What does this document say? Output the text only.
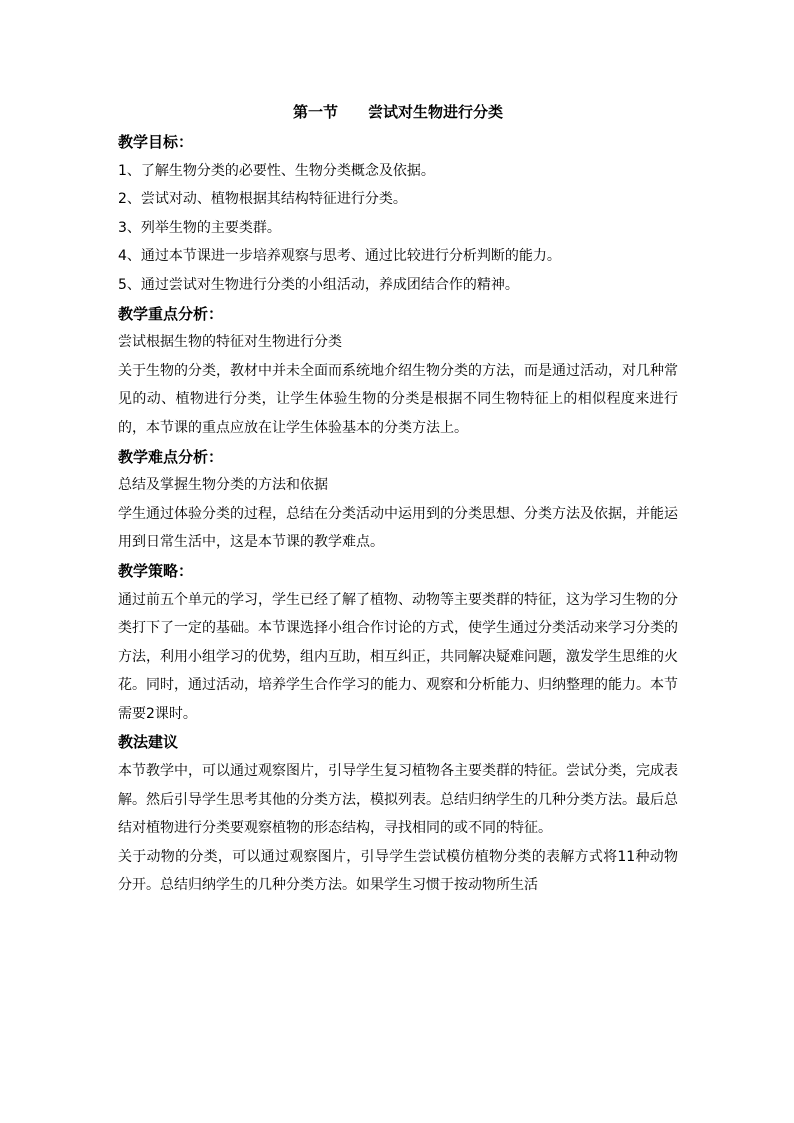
第一节　　尝试对生物进行分类
教学目标：
1、了解生物分类的必要性、生物分类概念及依据。
2、尝试对动、植物根据其结构特征进行分类。
3、列举生物的主要类群。
4、通过本节课进一步培养观察与思考、通过比较进行分析判断的能力。
5、通过尝试对生物进行分类的小组活动，养成团结合作的精神。
教学重点分析：
尝试根据生物的特征对生物进行分类
关于生物的分类，教材中并未全面而系统地介绍生物分类的方法，而是通过活动，对几种常见的动、植物进行分类，让学生体验生物的分类是根据不同生物特征上的相似程度来进行的，本节课的重点应放在让学生体验基本的分类方法上。
教学难点分析：
总结及掌握生物分类的方法和依据
学生通过体验分类的过程，总结在分类活动中运用到的分类思想、分类方法及依据，并能运用到日常生活中，这是本节课的教学难点。
教学策略：
通过前五个单元的学习，学生已经了解了植物、动物等主要类群的特征，这为学习生物的分类打下了一定的基础。本节课选择小组合作讨论的方式，使学生通过分类活动来学习分类的方法，利用小组学习的优势，组内互助，相互纠正，共同解决疑难问题，激发学生思维的火花。同时，通过活动，培养学生合作学习的能力、观察和分析能力、归纳整理的能力。本节需要2课时。
教法建议
本节教学中，可以通过观察图片，引导学生复习植物各主要类群的特征。尝试分类，完成表解。然后引导学生思考其他的分类方法，模拟列表。总结归纳学生的几种分类方法。最后总结对植物进行分类要观察植物的形态结构，寻找相同的或不同的特征。
关于动物的分类，可以通过观察图片，引导学生尝试模仿植物分类的表解方式将11种动物分开。总结归纳学生的几种分类方法。如果学生习惯于按动物所生活
